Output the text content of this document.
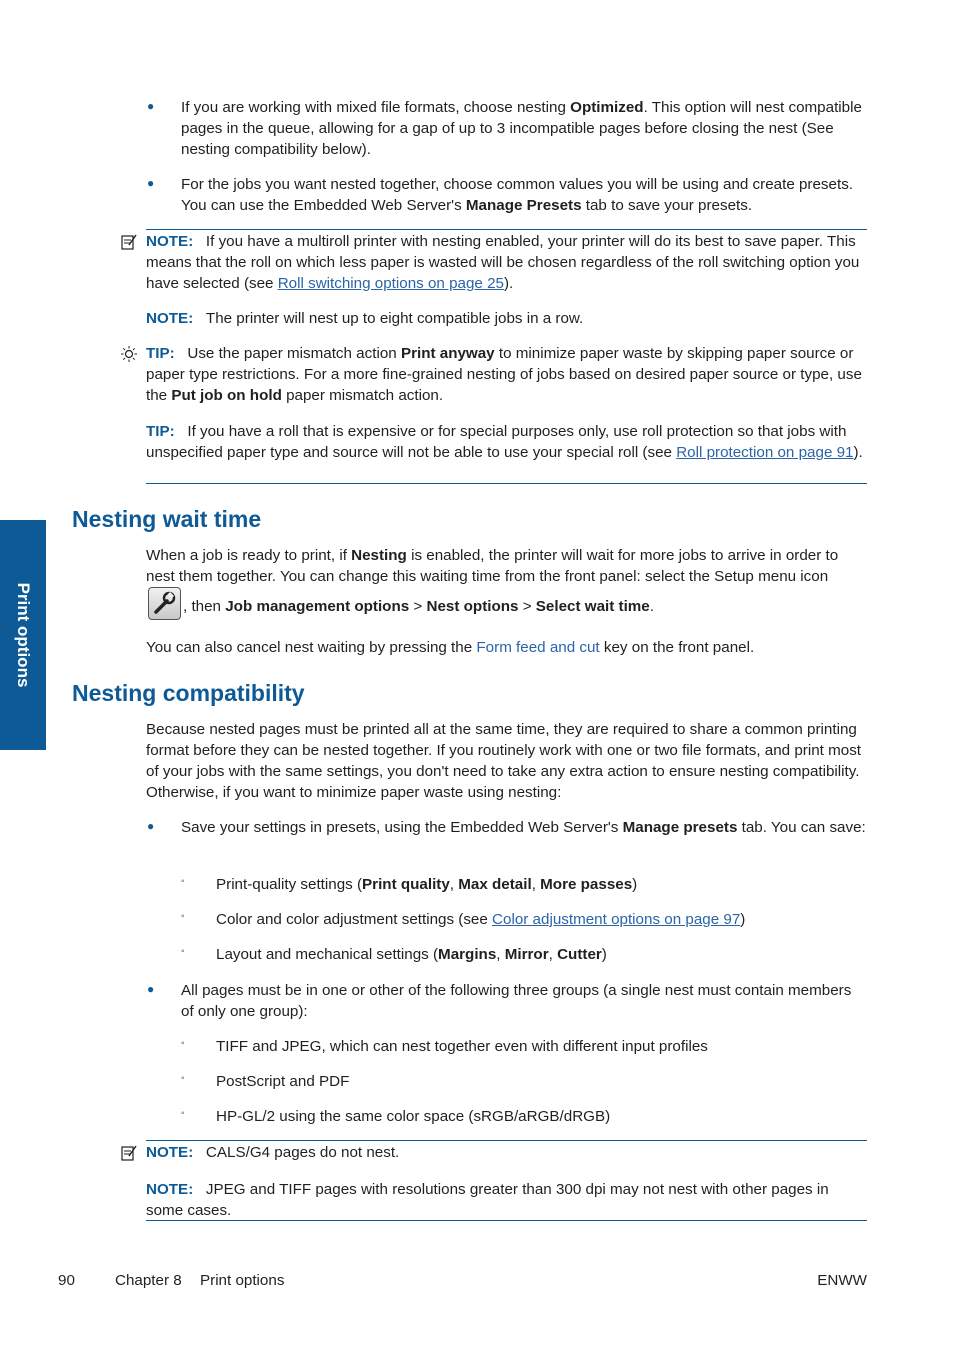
Print options
● If you are working with mixed file formats, choose nesting Optimized. This option will nest compatible pages in the queue, allowing for a gap of up to 3 incompatible pages before closing the nest (See nesting compatibility below).

● For the jobs you want nested together, choose common values you will be using and create presets. You can use the Embedded Web Server's Manage Presets tab to save your presets.

NOTE: If you have a multiroll printer with nesting enabled, your printer will do its best to save paper. This means that the roll on which less paper is wasted will be chosen regardless of the roll switching option you have selected (see Roll switching options on page 25).

NOTE: The printer will nest up to eight compatible jobs in a row.

TIP: Use the paper mismatch action Print anyway to minimize paper waste by skipping paper source or paper type restrictions. For a more fine-grained nesting of jobs based on desired paper source or type, use the Put job on hold paper mismatch action.

TIP: If you have a roll that is expensive or for special purposes only, use roll protection so that jobs with unspecified paper type and source will not be able to use your special roll (see Roll protection on page 91).

Nesting wait time

When a job is ready to print, if Nesting is enabled, the printer will wait for more jobs to arrive in order to nest them together. You can change this waiting time from the front panel: select the Setup menu icon , then Job management options > Nest options > Select wait time.

You can also cancel nest waiting by pressing the Form feed and cut key on the front panel.

Nesting compatibility

Because nested pages must be printed all at the same time, they are required to share a common printing format before they can be nested together. If you routinely work with one or two file formats, and print most of your jobs with the same settings, you don't need to take any extra action to ensure nesting compatibility. Otherwise, if you want to minimize paper waste using nesting:

● Save your settings in presets, using the Embedded Web Server's Manage presets tab. You can save:

◦ Print-quality settings (Print quality, Max detail, More passes)

◦ Color and color adjustment settings (see Color adjustment options on page 97)

◦ Layout and mechanical settings (Margins, Mirror, Cutter)

● All pages must be in one or other of the following three groups (a single nest must contain members of only one group):

◦ TIFF and JPEG, which can nest together even with different input profiles

◦ PostScript and PDF

◦ HP-GL/2 using the same color space (sRGB/aRGB/dRGB)

NOTE: CALS/G4 pages do not nest.

NOTE: JPEG and TIFF pages with resolutions greater than 300 dpi may not nest with other pages in some cases.

90	Chapter 8 Print options	ENWW
